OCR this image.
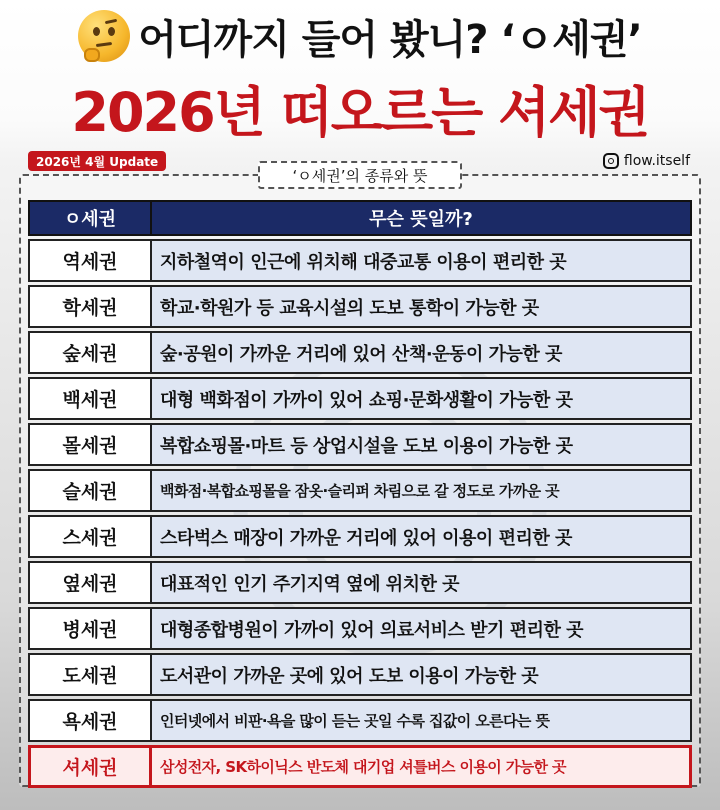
어디까지 들어 봤니? ‘ㅇ세권’
2026년 떠오르는 셔세권
2026년 4월 Update	flow.itself
‘ㅇ세권’의 종류와 뜻
ㅇ세권	무슨 뜻일까?
역세권	지하철역이 인근에 위치해 대중교통 이용이 편리한 곳
학세권	학교·학원가 등 교육시설의 도보 통학이 가능한 곳
숲세권	숲·공원이 가까운 거리에 있어 산책·운동이 가능한 곳
백세권	대형 백화점이 가까이 있어 쇼핑·문화생활이 가능한 곳
몰세권	복합쇼핑몰·마트 등 상업시설을 도보 이용이 가능한 곳
슬세권	백화점·복합쇼핑몰을 잠옷·슬리퍼 차림으로 갈 정도로 가까운 곳
스세권	스타벅스 매장이 가까운 거리에 있어 이용이 편리한 곳
옆세권	대표적인 인기 주기지역 옆에 위치한 곳
병세권	대형종합병원이 가까이 있어 의료서비스 받기 편리한 곳
도세권	도서관이 가까운 곳에 있어 도보 이용이 가능한 곳
욕세권	인터넷에서 비판·욕을 많이 듣는 곳일 수록 집값이 오른다는 뜻
셔세권	삼성전자, SK하이닉스 반도체 대기업 셔틀버스 이용이 가능한 곳
